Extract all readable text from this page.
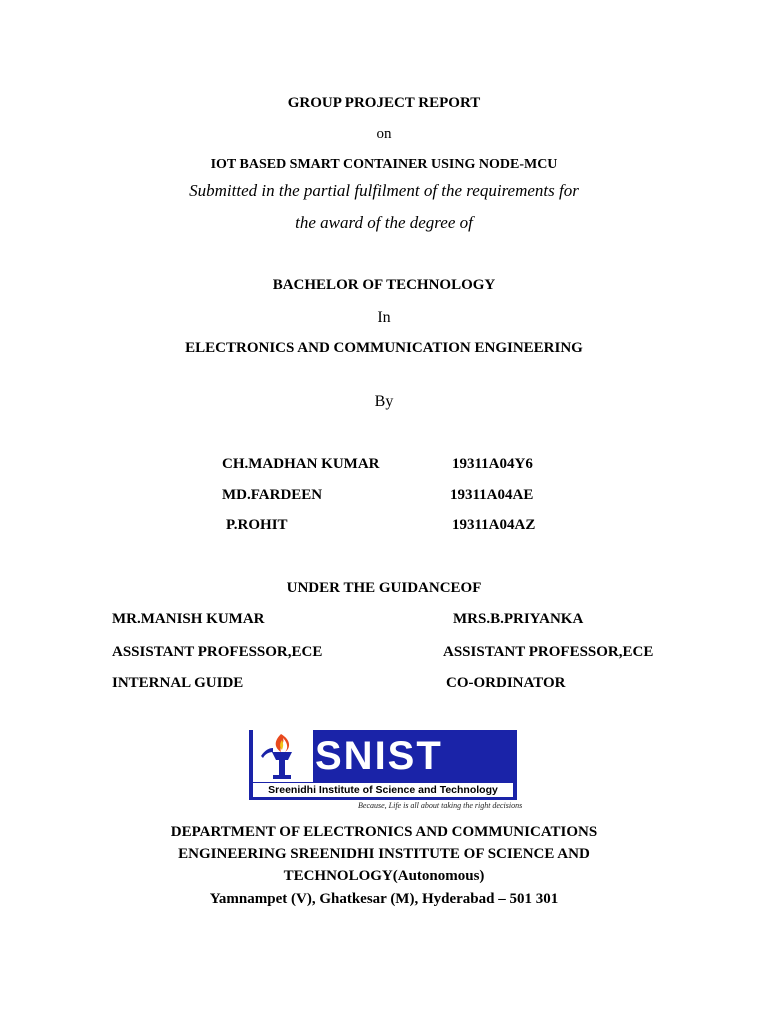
GROUP PROJECT REPORT
on
IOT BASED SMART CONTAINER USING NODE-MCU
Submitted in the partial fulfilment of the requirements for
the award of the degree of
BACHELOR OF TECHNOLOGY
In
ELECTRONICS AND COMMUNICATION ENGINEERING
By
CH.MADHAN KUMAR	19311A04Y6
MD.FARDEEN	19311A04AE
P.ROHIT	19311A04AZ
UNDER THE GUIDANCEOF
MR.MANISH KUMAR	MRS.B.PRIYANKA
ASSISTANT PROFESSOR,ECE	ASSISTANT PROFESSOR,ECE
INTERNAL GUIDE	CO-ORDINATOR
SNIST
Sreenidhi Institute of Science and Technology
Because, Life is all about taking the right decisions
DEPARTMENT OF ELECTRONICS AND COMMUNICATIONS
ENGINEERING SREENIDHI INSTITUTE OF SCIENCE AND
TECHNOLOGY(Autonomous)
Yamnampet (V), Ghatkesar (M), Hyderabad – 501 301
